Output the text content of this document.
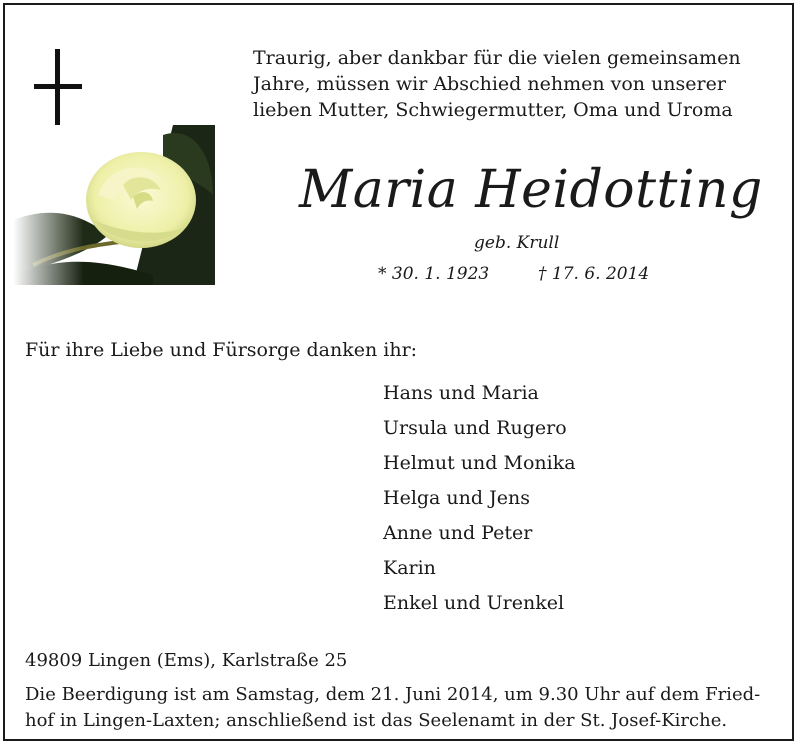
Traurig, aber dankbar für die vielen gemeinsamen
Jahre, müssen wir Abschied nehmen von unserer
lieben Mutter, Schwiegermutter, Oma und Uroma
Maria Heidotting
geb. Krull
* 30. 1. 1923	† 17. 6. 2014
Für ihre Liebe und Fürsorge danken ihr:
Hans und Maria
Ursula und Rugero
Helmut und Monika
Helga und Jens
Anne und Peter
Karin
Enkel und Urenkel
49809 Lingen (Ems), Karlstraße 25
Die Beerdigung ist am Samstag, dem 21. Juni 2014, um 9.30 Uhr auf dem Fried-
hof in Lingen-Laxten; anschließend ist das Seelenamt in der St. Josef-Kirche.
